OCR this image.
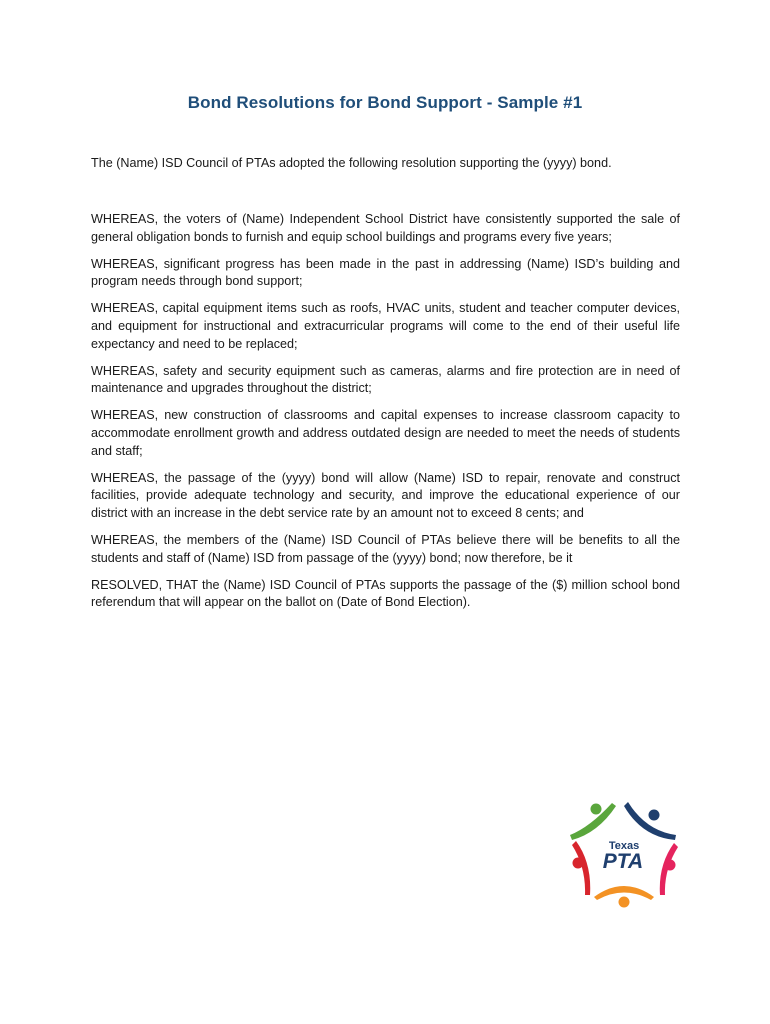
Bond Resolutions for Bond Support - Sample #1
The (Name) ISD Council of PTAs adopted the following resolution supporting the (yyyy) bond.

WHEREAS, the voters of (Name) Independent School District have consistently supported the sale of general obligation bonds to furnish and equip school buildings and programs every five years;

WHEREAS, significant progress has been made in the past in addressing (Name) ISD’s building and program needs through bond support;

WHEREAS, capital equipment items such as roofs, HVAC units, student and teacher computer devices, and equipment for instructional and extracurricular programs will come to the end of their useful life expectancy and need to be replaced;

WHEREAS, safety and security equipment such as cameras, alarms and fire protection are in need of maintenance and upgrades throughout the district;

WHEREAS, new construction of classrooms and capital expenses to increase classroom capacity to accommodate enrollment growth and address outdated design are needed to meet the needs of students and staff;

WHEREAS, the passage of the (yyyy) bond will allow (Name) ISD to repair, renovate and construct facilities, provide adequate technology and security, and improve the educational experience of our district with an increase in the debt service rate by an amount not to exceed 8 cents; and

WHEREAS, the members of the (Name) ISD Council of PTAs believe there will be benefits to all the students and staff of (Name) ISD from passage of the (yyyy) bond; now therefore, be it

RESOLVED, THAT the (Name) ISD Council of PTAs supports the passage of the ($) million school bond referendum that will appear on the ballot on (Date of Bond Election).

Texas
PTA
